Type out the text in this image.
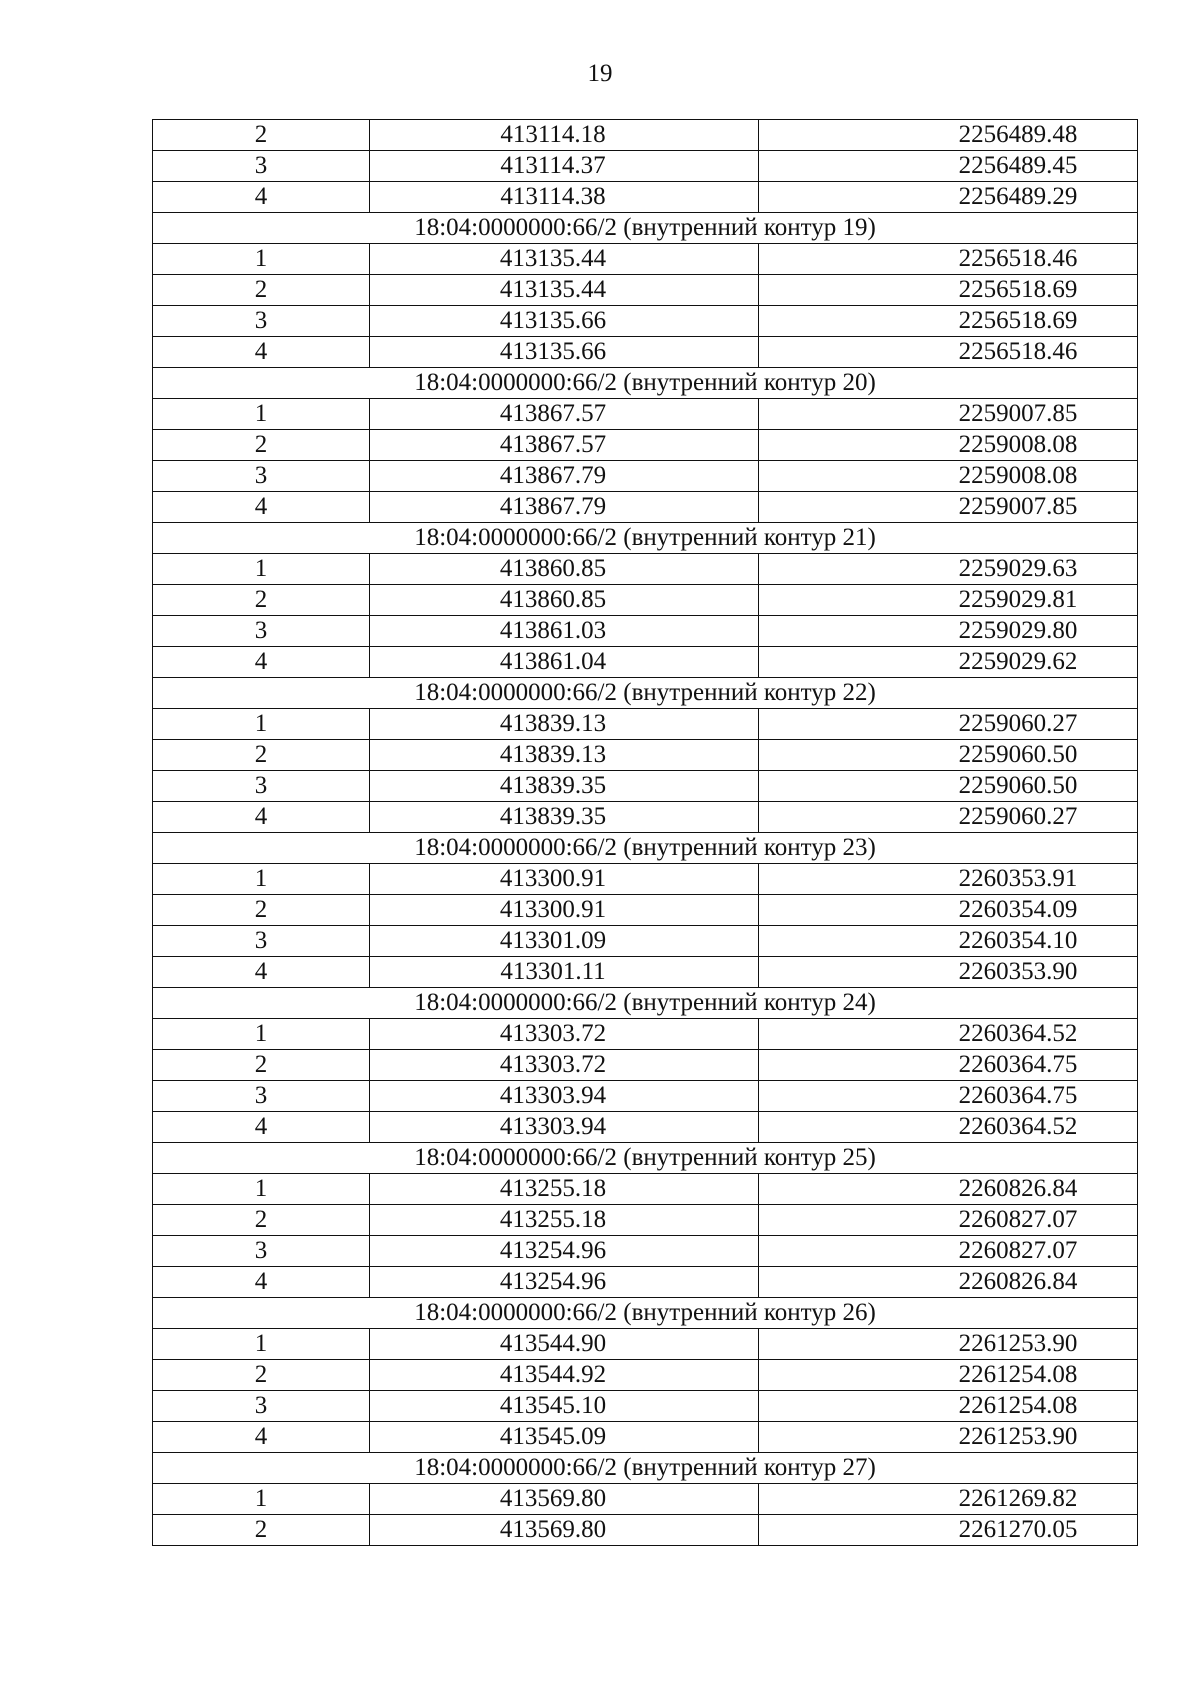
19
2	413114.18	2256489.48
3	413114.37	2256489.45
4	413114.38	2256489.29
18:04:0000000:66/2 (внутренний контур 19)		
1	413135.44	2256518.46
2	413135.44	2256518.69
3	413135.66	2256518.69
4	413135.66	2256518.46
18:04:0000000:66/2 (внутренний контур 20)		
1	413867.57	2259007.85
2	413867.57	2259008.08
3	413867.79	2259008.08
4	413867.79	2259007.85
18:04:0000000:66/2 (внутренний контур 21)		
1	413860.85	2259029.63
2	413860.85	2259029.81
3	413861.03	2259029.80
4	413861.04	2259029.62
18:04:0000000:66/2 (внутренний контур 22)		
1	413839.13	2259060.27
2	413839.13	2259060.50
3	413839.35	2259060.50
4	413839.35	2259060.27
18:04:0000000:66/2 (внутренний контур 23)		
1	413300.91	2260353.91
2	413300.91	2260354.09
3	413301.09	2260354.10
4	413301.11	2260353.90
18:04:0000000:66/2 (внутренний контур 24)		
1	413303.72	2260364.52
2	413303.72	2260364.75
3	413303.94	2260364.75
4	413303.94	2260364.52
18:04:0000000:66/2 (внутренний контур 25)		
1	413255.18	2260826.84
2	413255.18	2260827.07
3	413254.96	2260827.07
4	413254.96	2260826.84
18:04:0000000:66/2 (внутренний контур 26)		
1	413544.90	2261253.90
2	413544.92	2261254.08
3	413545.10	2261254.08
4	413545.09	2261253.90
18:04:0000000:66/2 (внутренний контур 27)		
1	413569.80	2261269.82
2	413569.80	2261270.05
